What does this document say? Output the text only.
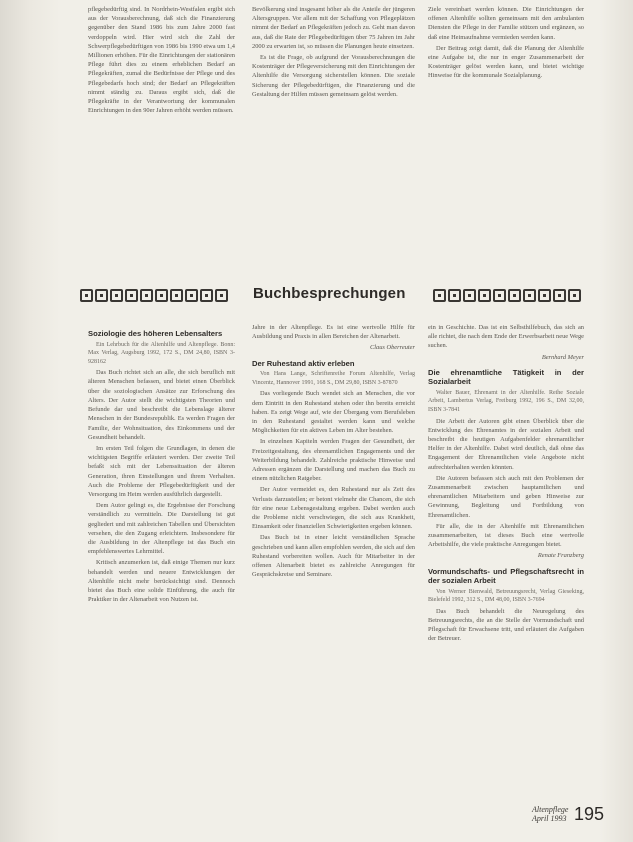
pflegebedürftig sind. In Nordrhein-Westfalen ergibt sich aus der Vorausberechnung, daß sich die Finanzierung gegenüber den Stand 1986 bis zum Jahre 2000 fast verdoppeln wird. Hier wird sich die Zahl der Schwerpflegebedürftigen von 1986 bis 1990 etwa um 1,4 Millionen erhöhen. Für die Einrichtungen der stationären Pflege führt dies zu einem erheblichen Bedarf an Pflegekräften, zumal die Bedürfnisse der Pflege und des Pflegebedarfs hoch sind; der Bedarf an Pflegekräften nimmt ständig zu. Daraus ergibt sich, daß die Pflegekräfte in der Verantwortung der kommunalen Einrichtungen in den 90er Jahren erhöht werden müssen.

Bevölkerung sind insgesamt höher als die Anteile der jüngeren Altersgruppen. Vor allem mit der Schaffung von Pflegeplätzen nimmt der Bedarf an Pflegekräften jedoch zu. Geht man davon aus, daß die Rate der Pflegebedürftigen über 75 Jahren im Jahr 2000 zu erwarten ist, so müssen die Planungen heute einsetzen.

Es ist die Frage, ob aufgrund der Vorausberechnungen die Kostenträger der Pflegeversicherung mit den Einrichtungen der Altenhilfe die Versorgung sicherstellen können. Die soziale Sicherung der Pflegebedürftigen, die Finanzierung und die Gestaltung der Hilfen müssen gemeinsam gelöst werden.

Ziele vereinbart werden können. Die Einrichtungen der offenen Altenhilfe sollten gemeinsam mit den ambulanten Diensten die Pflege in der Familie stützen und ergänzen, so daß eine Heimaufnahme vermieden werden kann.

Der Beitrag zeigt damit, daß die Planung der Altenhilfe eine Aufgabe ist, die nur in enger Zusammenarbeit der Kostenträger gelöst werden kann, und bietet wichtige Hinweise für die kommunale Sozialplanung.

Buchbesprechungen
Soziologie des höheren Lebensalters

Ein Lehrbuch für die Altenhilfe und Altenpflege. Bonn: Max Verlag, Augsburg 1992, 172 S., DM 24,80, ISBN 3-928162

Das Buch richtet sich an alle, die sich beruflich mit älteren Menschen befassen, und bietet einen Überblick über die soziologischen Ansätze zur Erforschung des Alters. Der Autor stellt die wichtigsten Theorien und Befunde dar und beschreibt die Lebenslage älterer Menschen in der Bundesrepublik. Es werden Fragen der Familie, der Wohnsituation, des Einkommens und der Gesundheit behandelt.

Im ersten Teil folgen die Grundlagen, in denen die wichtigsten Begriffe erläutert werden. Der zweite Teil befaßt sich mit der Lebenssituation der älteren Generation, ihren Einstellungen und ihrem Verhalten. Auch die Probleme der Pflegebedürftigkeit und der Versorgung im Heim werden ausführlich dargestellt.

Dem Autor gelingt es, die Ergebnisse der Forschung verständlich zu vermitteln. Die Darstellung ist gut gegliedert und mit zahlreichen Tabellen und Übersichten versehen, die den Zugang erleichtern. Insbesondere für die Ausbildung in der Altenpflege ist das Buch ein empfehlenswertes Lehrmittel.

Kritisch anzumerken ist, daß einige Themen nur kurz behandelt werden und neuere Entwicklungen der Altenhilfe nicht mehr berücksichtigt sind. Dennoch bietet das Buch eine solide Einführung, die auch für Praktiker in der Altenarbeit von Nutzen ist.

Jahre in der Altenpflege. Es ist eine wertvolle Hilfe für Ausbildung und Praxis in allen Bereichen der Altenarbeit.

Claus Oberreuter

Der Ruhestand aktiv erleben

Von Hans Lange, Schriftenreihe Forum Altenhilfe, Verlag Vincentz, Hannover 1991, 168 S., DM 29,80, ISBN 3-87870

Das vorliegende Buch wendet sich an Menschen, die vor dem Eintritt in den Ruhestand stehen oder ihn bereits erreicht haben. Es zeigt Wege auf, wie der Übergang vom Berufsleben in den Ruhestand gestaltet werden kann und welche Möglichkeiten für ein aktives Leben im Alter bestehen.

In einzelnen Kapiteln werden Fragen der Gesundheit, der Freizeitgestaltung, des ehrenamtlichen Engagements und der Weiterbildung behandelt. Zahlreiche praktische Hinweise und Adressen ergänzen die Darstellung und machen das Buch zu einem nützlichen Ratgeber.

Der Autor vermeidet es, den Ruhestand nur als Zeit des Verlusts darzustellen; er betont vielmehr die Chancen, die sich für eine neue Lebensgestaltung ergeben. Dabei werden auch die Probleme nicht verschwiegen, die sich aus Krankheit, Einsamkeit oder finanziellen Schwierigkeiten ergeben können.

Das Buch ist in einer leicht verständlichen Sprache geschrieben und kann allen empfohlen werden, die sich auf den Ruhestand vorbereiten wollen. Auch für Mitarbeiter in der offenen Altenarbeit bietet es zahlreiche Anregungen für Gesprächskreise und Seminare.

ein in Geschichte. Das ist ein Selbsthilfebuch, das sich an alle richtet, die nach dem Ende der Erwerbsarbeit neue Wege suchen.

Bernhard Meyer

Die ehrenamtliche Tätigkeit in der Sozialarbeit

Walter Bauer, Ehrenamt in der Altenhilfe. Reihe Soziale Arbeit, Lambertus Verlag, Freiburg 1992, 196 S., DM 32,00, ISBN 3-7841

Die Arbeit der Autoren gibt einen Überblick über die Entwicklung des Ehrenamtes in der sozialen Arbeit und beschreibt die heutigen Aufgabenfelder ehrenamtlicher Helfer in der Altenhilfe. Dabei wird deutlich, daß ohne das Engagement der Ehrenamtlichen viele Angebote nicht aufrechterhalten werden könnten.

Die Autoren befassen sich auch mit den Problemen der Zusammenarbeit zwischen hauptamtlichen und ehrenamtlichen Mitarbeitern und geben Hinweise zur Gewinnung, Begleitung und Fortbildung von Ehrenamtlichen.

Für alle, die in der Altenhilfe mit Ehrenamtlichen zusammenarbeiten, ist dieses Buch eine wertvolle Arbeitshilfe, die viele praktische Anregungen bietet.

Renate Franzberg

Vormundschafts- und Pflegschaftsrecht in der sozialen Arbeit

Von Werner Bienwald, Betreuungsrecht, Verlag Gieseking, Bielefeld 1992, 312 S., DM 48,00, ISBN 3-7694

Das Buch behandelt die Neuregelung des Betreuungsrechts, die an die Stelle der Vormundschaft und Pflegschaft für Erwachsene tritt, und erläutert die Aufgaben der Betreuer.

Altenpflege
April 1993 195
